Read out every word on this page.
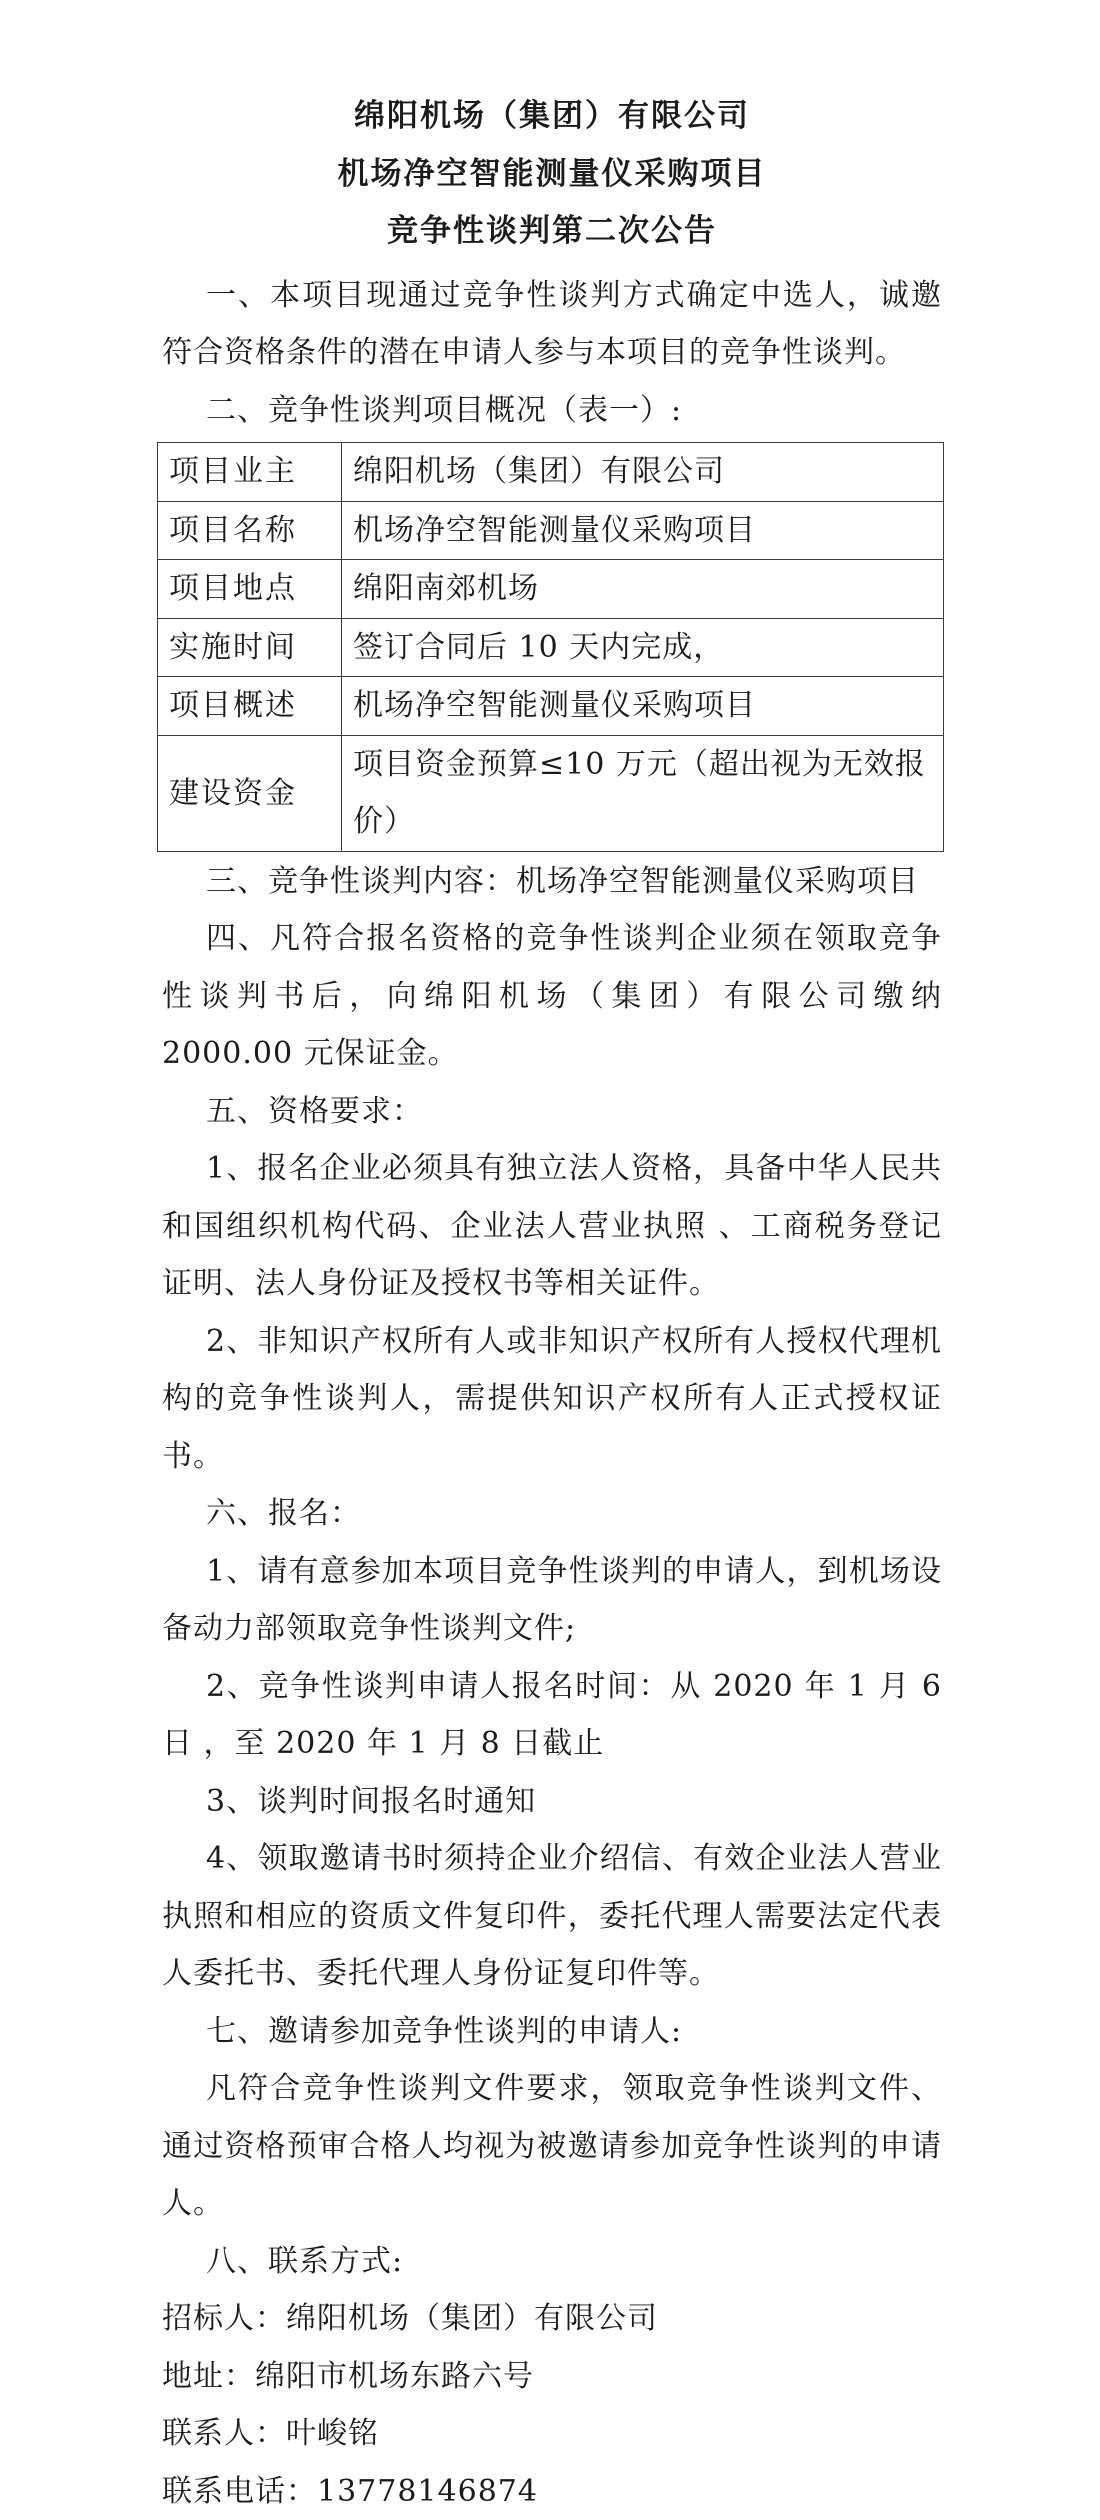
绵阳机场（集团）有限公司
机场净空智能测量仪采购项目
竞争性谈判第二次公告

一、本项目现通过竞争性谈判方式确定中选人，诚邀符合资格条件的潜在申请人参与本项目的竞争性谈判。

二、竞争性谈判项目概况（表一）:

项目业主	绵阳机场（集团）有限公司
项目名称	机场净空智能测量仪采购项目
项目地点	绵阳南郊机场
实施时间	签订合同后 10 天内完成，
项目概述	机场净空智能测量仪采购项目
建设资金	项目资金预算≤10 万元（超出视为无效报价）

三、竞争性谈判内容：机场净空智能测量仪采购项目

四、凡符合报名资格的竞争性谈判企业须在领取竞争性谈判书后，向绵阳机场（集团）有限公司缴纳 2000.00 元保证金。

五、资格要求：

1、报名企业必须具有独立法人资格，具备中华人民共和国组织机构代码、企业法人营业执照 、工商税务登记证明、法人身份证及授权书等相关证件。

2、非知识产权所有人或非知识产权所有人授权代理机构的竞争性谈判人，需提供知识产权所有人正式授权证书。

六、报名：

1、请有意参加本项目竞争性谈判的申请人，到机场设备动力部领取竞争性谈判文件;

2、竞争性谈判申请人报名时间：从 2020 年 1 月 6 日 ，至 2020 年 1 月 8 日截止

3、谈判时间报名时通知

4、领取邀请书时须持企业介绍信、有效企业法人营业执照和相应的资质文件复印件，委托代理人需要法定代表人委托书、委托代理人身份证复印件等。

七、邀请参加竞争性谈判的申请人:

凡符合竞争性谈判文件要求，领取竞争性谈判文件、通过资格预审合格人均视为被邀请参加竞争性谈判的申请人。

八、联系方式:

招标人：绵阳机场（集团）有限公司

地址：绵阳市机场东路六号

联系人：叶峻铭

联系电话：13778146874
